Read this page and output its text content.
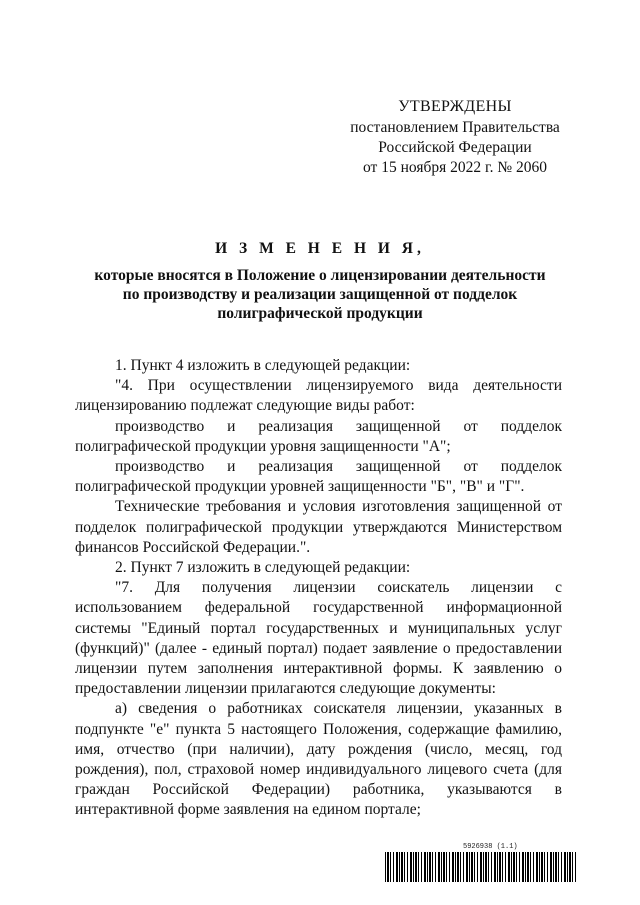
УТВЕРЖДЕНЫ
постановлением Правительства
Российской Федерации
от 15 ноября 2022 г. № 2060
И З М Е Н Е Н И Я,
которые вносятся в Положение о лицензировании деятельности
по производству и реализации защищенной от подделок
полиграфической продукции

1. Пункт 4 изложить в следующей редакции:

"4. При осуществлении лицензируемого вида деятельности лицензированию подлежат следующие виды работ:

производство и реализация защищенной от подделок полиграфической продукции уровня защищенности "А";

производство и реализация защищенной от подделок полиграфической продукции уровней защищенности "Б", "В" и "Г".

Технические требования и условия изготовления защищенной от подделок полиграфической продукции утверждаются Министерством финансов Российской Федерации.".

2. Пункт 7 изложить в следующей редакции:

"7. Для получения лицензии соискатель лицензии с использованием федеральной государственной информационной системы "Единый портал государственных и муниципальных услуг (функций)" (далее - единый портал) подает заявление о предоставлении лицензии путем заполнения интерактивной формы. К заявлению о предоставлении лицензии прилагаются следующие документы:

а) сведения о работниках соискателя лицензии, указанных в подпункте "е" пункта 5 настоящего Положения, содержащие фамилию, имя, отчество (при наличии), дату рождения (число, месяц, год рождения), пол, страховой номер индивидуального лицевого счета (для граждан Российской Федерации) работника, указываются в интерактивной форме заявления на едином портале;

5926938 (1.1)
